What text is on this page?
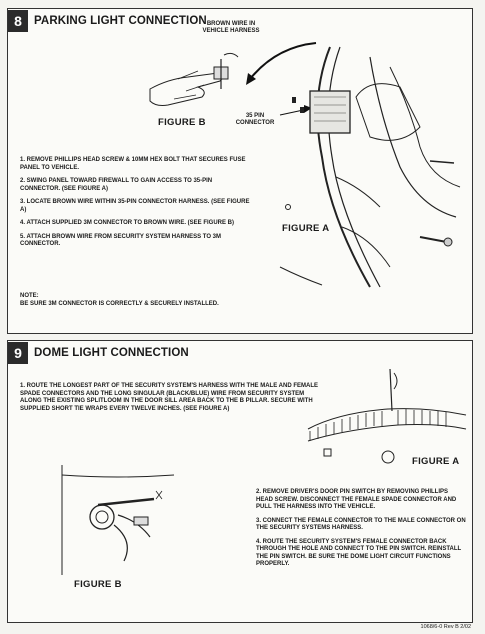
8	PARKING LIGHT CONNECTION BROWN WIRE IN VEHICLE HARNESS
35 PIN CONNECTOR
FIGURE B
FIGURE A
1. REMOVE PHILLIPS HEAD SCREW & 10MM HEX BOLT THAT SECURES FUSE PANEL TO VEHICLE.
2. SWING PANEL TOWARD FIREWALL TO GAIN ACCESS TO 35-PIN CONNECTOR. (SEE FIGURE A)
3. LOCATE BROWN WIRE WITHIN 35-PIN CONNECTOR HARNESS. (SEE FIGURE A)
4. ATTACH SUPPLIED 3M CONNECTOR TO BROWN WIRE. (SEE FIGURE B)
5. ATTACH BROWN WIRE FROM SECURITY SYSTEM HARNESS TO 3M CONNECTOR.
NOTE:
BE SURE 3M CONNECTOR IS CORRECTLY & SECURELY INSTALLED.
9	DOME LIGHT CONNECTION
1. ROUTE THE LONGEST PART OF THE SECURITY SYSTEM'S HARNESS WITH THE MALE AND FEMALE SPADE CONNECTORS AND THE LONG SINGULAR (BLACK/BLUE) WIRE FROM SECURITY SYSTEM ALONG THE EXISTING SPLITLOOM IN THE DOOR SILL AREA BACK TO THE B PILLAR. SECURE WITH SUPPLIED SHORT TIE WRAPS EVERY TWELVE INCHES. (SEE FIGURE A)
FIGURE A
FIGURE B
2. REMOVE DRIVER'S DOOR PIN SWITCH BY REMOVING PHILLIPS HEAD SCREW. DISCONNECT THE FEMALE SPADE CONNECTOR AND PULL THE HARNESS INTO THE VEHICLE.
3. CONNECT THE FEMALE CONNECTOR TO THE MALE CONNECTOR ON THE SECURITY SYSTEMS HARNESS.
4. ROUTE THE SECURITY SYSTEM'S FEMALE CONNECTOR BACK THROUGH THE HOLE AND CONNECT TO THE PIN SWITCH. REINSTALL THE PIN SWITCH. BE SURE THE DOME LIGHT CIRCUIT FUNCTIONS PROPERLY.
1068/6-0 Rev B 2/02
